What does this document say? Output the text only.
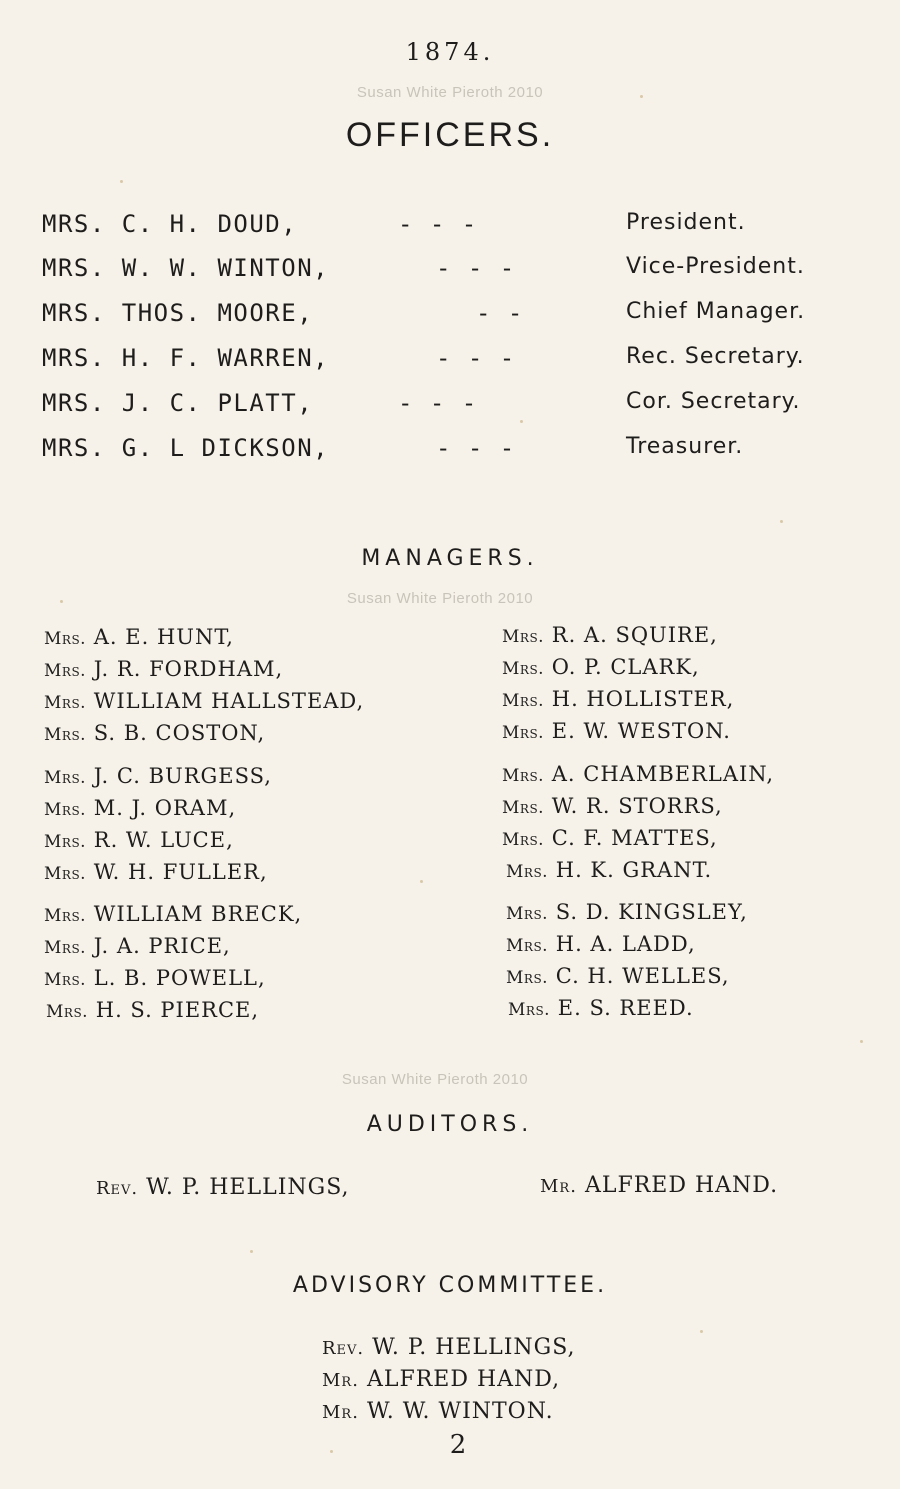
1874.
Susan White Pieroth 2010
OFFICERS.
MRS. C. H. DOUD,	- - -	President.
MRS. W. W. WINTON,	- - -	Vice-President.
MRS. THOS. MOORE,	- -	Chief Manager.
MRS. H. F. WARREN,	- - -	Rec. Secretary.
MRS. J. C. PLATT,	- - -	Cor. Secretary.
MRS. G. L DICKSON,	- - -	Treasurer.
MANAGERS.
Susan White Pieroth 2010
Mrs. A. E. HUNT,
Mrs. J. R. FORDHAM,
Mrs. WILLIAM HALLSTEAD,
Mrs. S. B. COSTON,
Mrs. J. C. BURGESS,
Mrs. M. J. ORAM,
Mrs. R. W. LUCE,
Mrs. W. H. FULLER,
Mrs. WILLIAM BRECK,
Mrs. J. A. PRICE,
Mrs. L. B. POWELL,
Mrs. H. S. PIERCE,
Mrs. R. A. SQUIRE,
Mrs. O. P. CLARK,
Mrs. H. HOLLISTER,
Mrs. E. W. WESTON.
Mrs. A. CHAMBERLAIN,
Mrs. W. R. STORRS,
Mrs. C. F. MATTES,
Mrs. H. K. GRANT.
Mrs. S. D. KINGSLEY,
Mrs. H. A. LADD,
Mrs. C. H. WELLES,
Mrs. E. S. REED.
Susan White Pieroth 2010
AUDITORS.
Rev. W. P. HELLINGS,	Mr. ALFRED HAND.
ADVISORY COMMITTEE.
Rev. W. P. HELLINGS,
Mr. ALFRED HAND,
Mr. W. W. WINTON.
2
